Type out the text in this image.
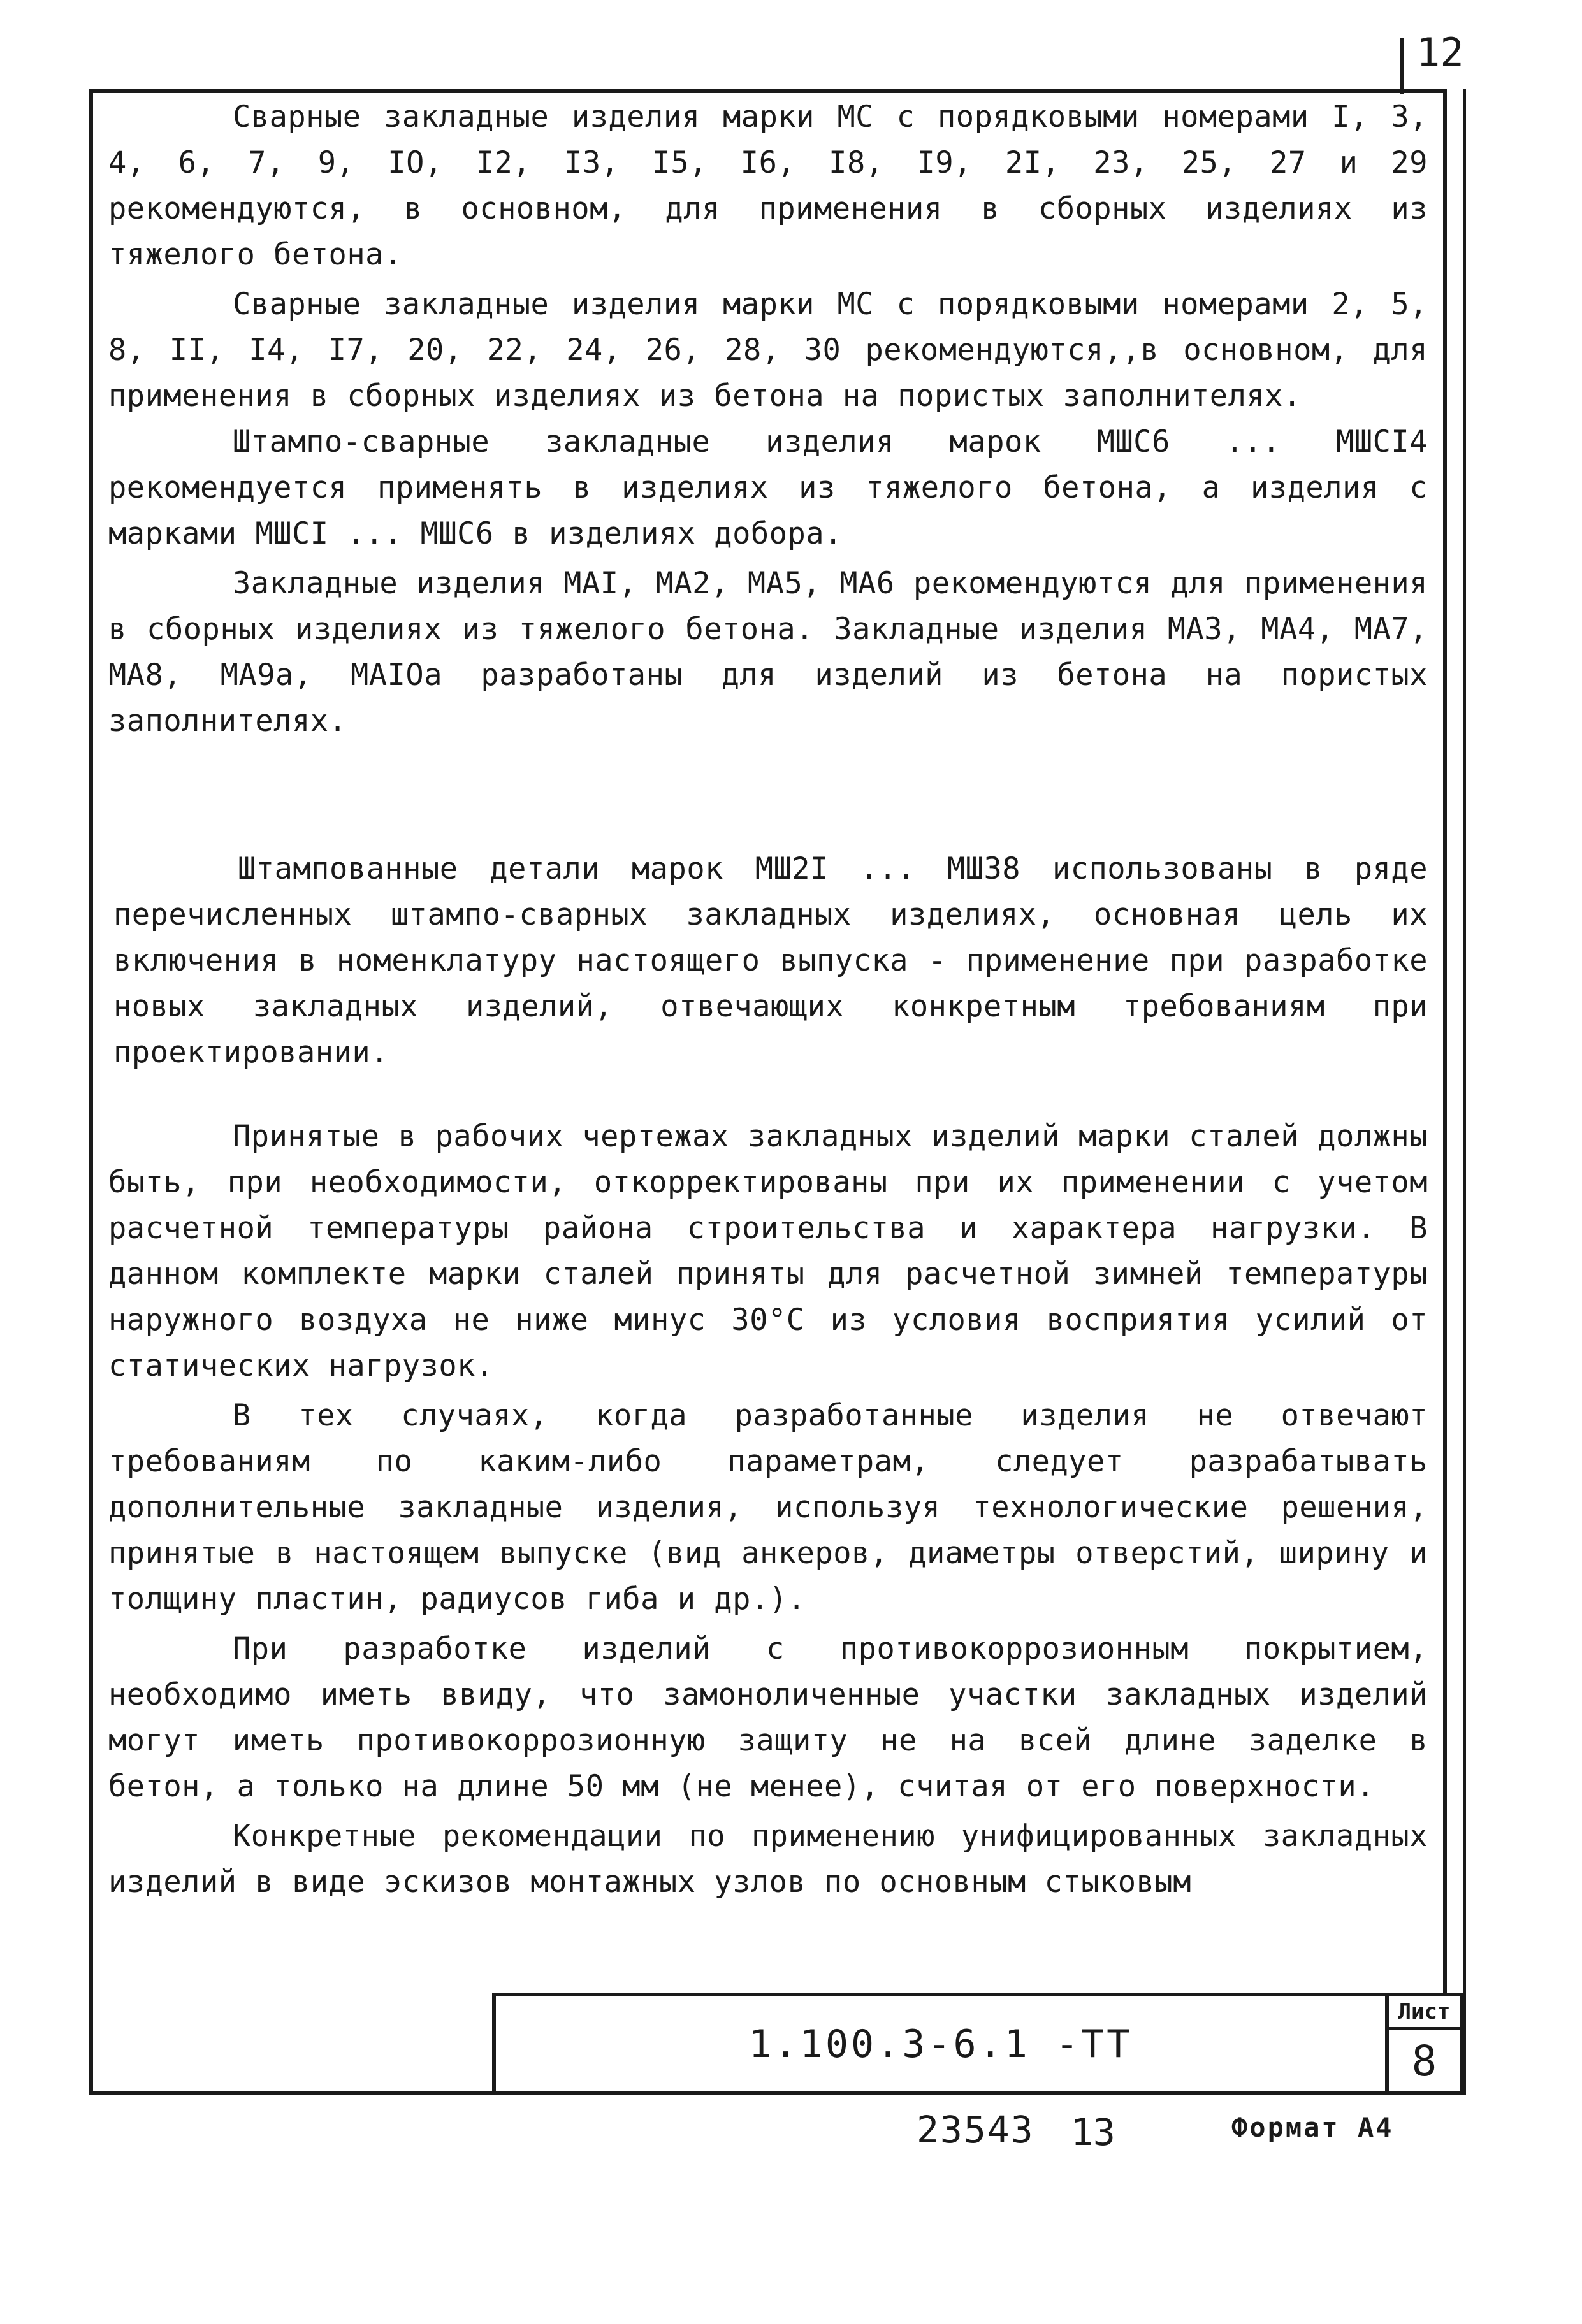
12

Сварные закладные изделия марки МС с порядковыми номерами I, 3, 4, 6, 7, 9, IO, I2, I3, I5, I6, I8, I9, 2I, 23, 25, 27 и 29 рекомендуются, в основном, для применения в сборных изделиях из тяжелого бетона.

Сварные закладные изделия марки МС с порядковыми номерами 2, 5, 8, II, I4, I7, 20, 22, 24, 26, 28, 30 рекомендуются,,в основном, для применения в сборных изделиях из бетона на пористых заполнителях.

Штампо-сварные закладные изделия марок МШС6 ... МШСI4 рекомендуется применять в изделиях из тяжелого бетона, а изделия с марками МШСI ... МШС6 в изделиях добора.

Закладные изделия МАI, МА2, МА5, МА6 рекомендуются для применения в сборных изделиях из тяжелого бетона. Закладные изделия МА3, МА4, МА7, МА8, МА9а, МАIOа разработаны для изделий из бетона на пористых заполнителях.

Штампованные детали марок МШ2I ... МШ38 использованы в ряде перечисленных штампо-сварных закладных изделиях, основная цель их включения в номенклатуру настоящего выпуска - применение при разработке новых закладных изделий, отвечающих конкретным требованиям при проектировании.

Принятые в рабочих чертежах закладных изделий марки сталей должны быть, при необходимости, откорректированы при их применении с учетом расчетной температуры района строительства и характера нагрузки. В данном комплекте марки сталей приняты для расчетной зимней температуры наружного воздуха не ниже минус 30°С из условия восприятия усилий от статических нагрузок.

В тех случаях, когда разработанные изделия не отвечают требованиям по каким-либо параметрам, следует разрабатывать дополнительные закладные изделия, используя технологические решения, принятые в настоящем выпуске (вид анкеров, диаметры отверстий, ширину и толщину пластин, радиусов гиба и др.).

При разработке изделий с противокоррозионным покрытием, необходимо иметь ввиду, что замоноличенные участки закладных изделий могут иметь противокоррозионную защиту не на всей длине заделке в бетон, а только на длине 50 мм (не менее), считая от его поверхности.

Конкретные рекомендации по применению унифицированных закладных изделий в виде эскизов монтажных узлов по основным стыковым

1.100.3-6.1 -ТТ
Лист
8
23543 13	Формат А4
